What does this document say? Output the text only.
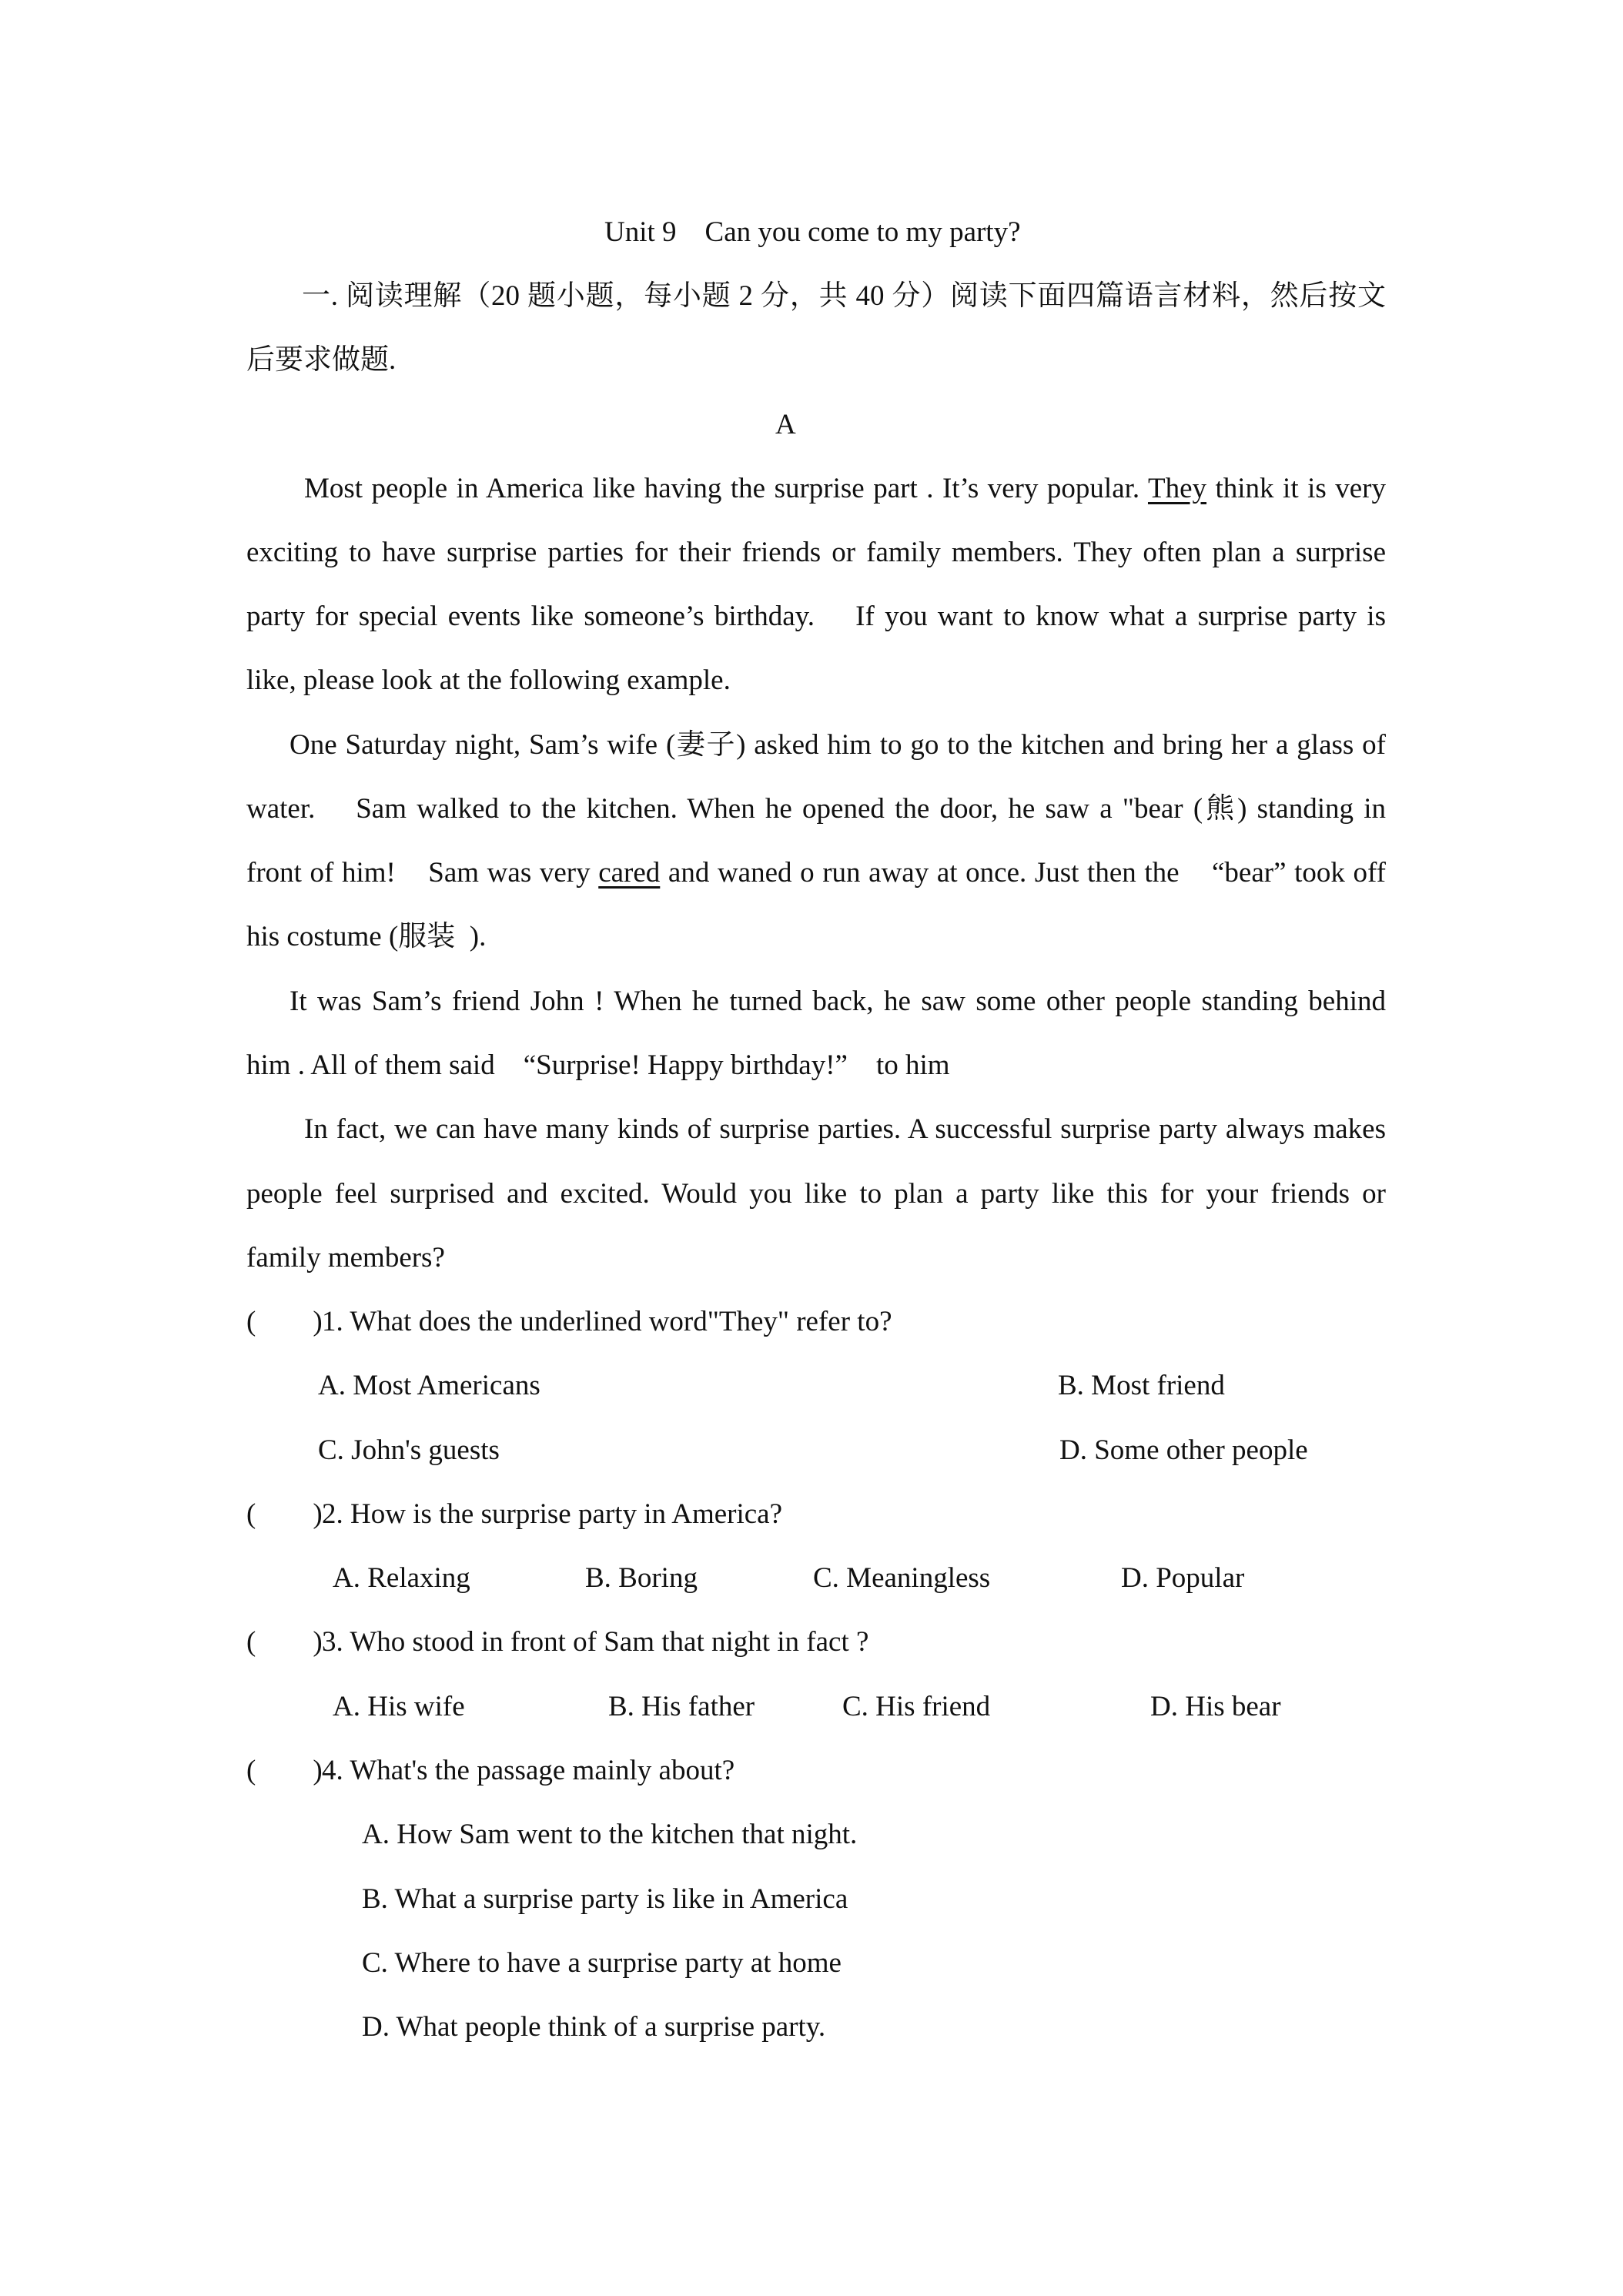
Unit 9    Can you come to my party?
一. 阅读理解（20 题小题，每小题 2 分，共 40 分）阅读下面四篇语言材料，然后按文
后要求做题.
A
Most people in America like having the surprise part . It’s very popular. They think it is very
exciting to have surprise parties for their friends or family members. They often plan a surprise
party for special events like someone’s birthday.    If you want to know what a surprise party is
like, please look at the following example.
One Saturday night, Sam’s wife (妻子) asked him to go to the kitchen and bring her a glass of
water.    Sam walked to the kitchen. When he opened the door, he saw a "bear (熊) standing in
front of him!    Sam was very cared and waned o run away at once. Just then the    “bear” took off
his costume (服装  ).
It was Sam’s friend John ! When he turned back, he saw some other people standing behind
him . All of them said    “Surprise! Happy birthday!”    to him
In fact, we can have many kinds of surprise parties. A successful surprise party always makes
people feel surprised and excited. Would you like to plan a party like this for your friends or
family members?
(        ) 1. What does the underlined word"They" refer to?
A. Most Americans	B. Most friend
C. John's guests	D. Some other people
(        ) 2. How is the surprise party in America?
A. Relaxing	B. Boring	C. Meaningless	D. Popular
(        ) 3. Who stood in front of Sam that night in fact ?
A. His wife	B. His father	C. His friend	D. His bear
(        ) 4. What's the passage mainly about?
A. How Sam went to the kitchen that night.
B. What a surprise party is like in America
C. Where to have a surprise party at home
D. What people think of a surprise party.
